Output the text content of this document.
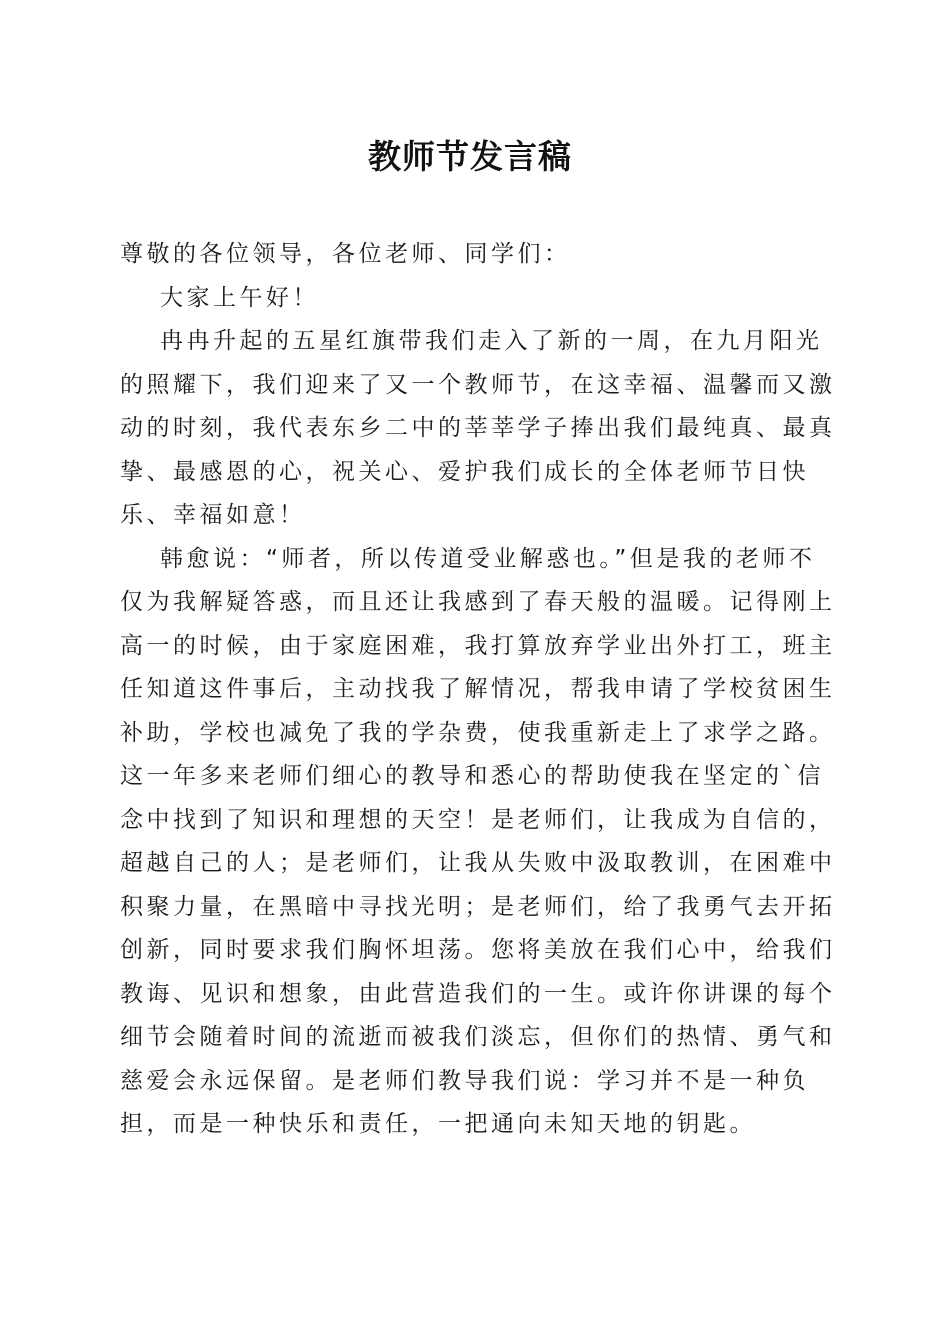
教师节发言稿

尊敬的各位领导，各位老师、同学们：

大家上午好！

冉冉升起的五星红旗带我们走入了新的一周，在九月阳光的照耀下，我们迎来了又一个教师节，在这幸福、温馨而又激动的时刻，我代表东乡二中的莘莘学子捧出我们最纯真、最真挚、最感恩的心，祝关心、爱护我们成长的全体老师节日快乐、幸福如意！

韩愈说：“师者，所以传道受业解惑也。”但是我的老师不仅为我解疑答惑，而且还让我感到了春天般的温暖。记得刚上高一的时候，由于家庭困难，我打算放弃学业出外打工，班主任知道这件事后，主动找我了解情况，帮我申请了学校贫困生补助，学校也减免了我的学杂费，使我重新走上了求学之路。这一年多来老师们细心的教导和悉心的帮助使我在坚定的`信念中找到了知识和理想的天空！是老师们，让我成为自信的，超越自己的人；是老师们，让我从失败中汲取教训，在困难中积聚力量，在黑暗中寻找光明；是老师们，给了我勇气去开拓创新，同时要求我们胸怀坦荡。您将美放在我们心中，给我们教诲、见识和想象，由此营造我们的一生。或许你讲课的每个细节会随着时间的流逝而被我们淡忘，但你们的热情、勇气和慈爱会永远保留。是老师们教导我们说：学习并不是一种负担，而是一种快乐和责任，一把通向未知天地的钥匙。
